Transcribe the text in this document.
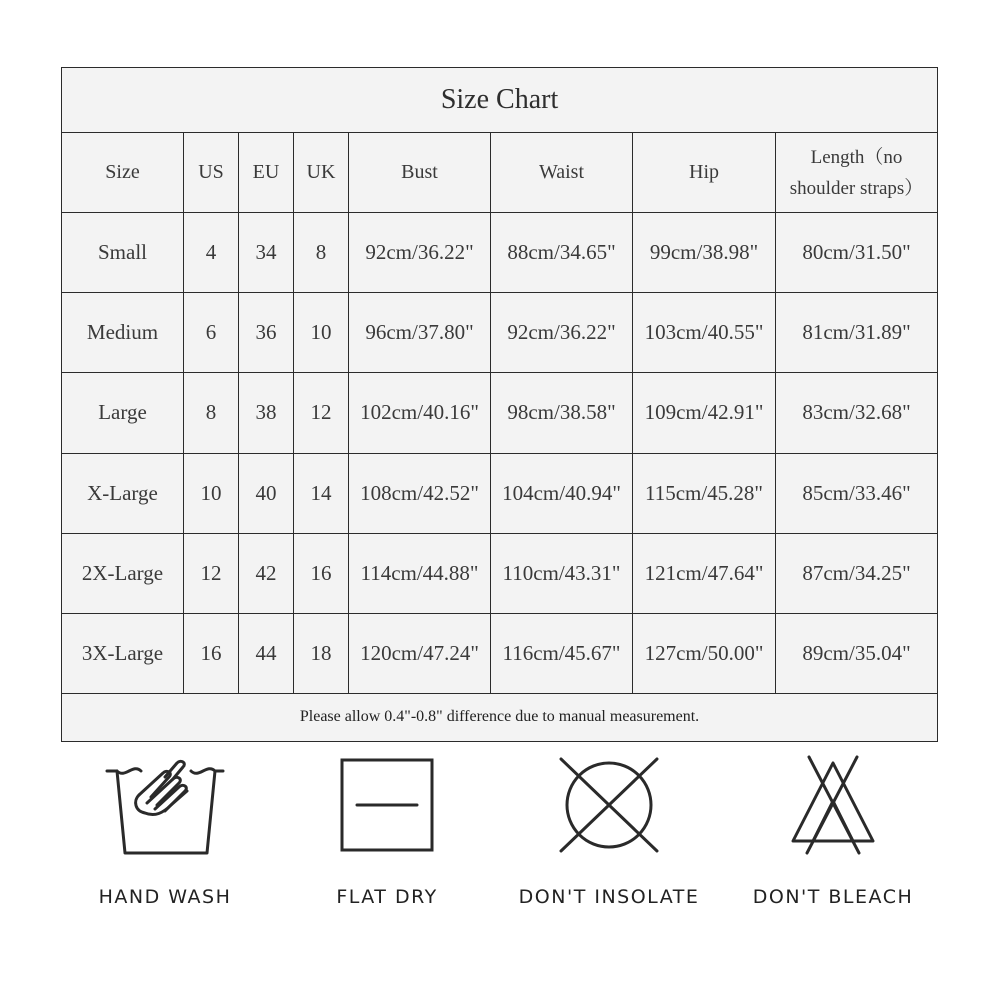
Size Chart							
Size	US	EU	UK	Bust	Waist	Hip	Length（no
shoulder straps）
Small	4	34	8	92cm/36.22"	88cm/34.65"	99cm/38.98"	80cm/31.50"
Medium	6	36	10	96cm/37.80"	92cm/36.22"	103cm/40.55"	81cm/31.89"
Large	8	38	12	102cm/40.16"	98cm/38.58"	109cm/42.91"	83cm/32.68"
X-Large	10	40	14	108cm/42.52"	104cm/40.94"	115cm/45.28"	85cm/33.46"
2X-Large	12	42	16	114cm/44.88"	110cm/43.31"	121cm/47.64"	87cm/34.25"
3X-Large	16	44	18	120cm/47.24"	116cm/45.67"	127cm/50.00"	89cm/35.04"
Please allow 0.4"-0.8" difference due to manual measurement.							
HAND WASH	FLAT DRY	DON'T INSOLATE	DON'T BLEACH
